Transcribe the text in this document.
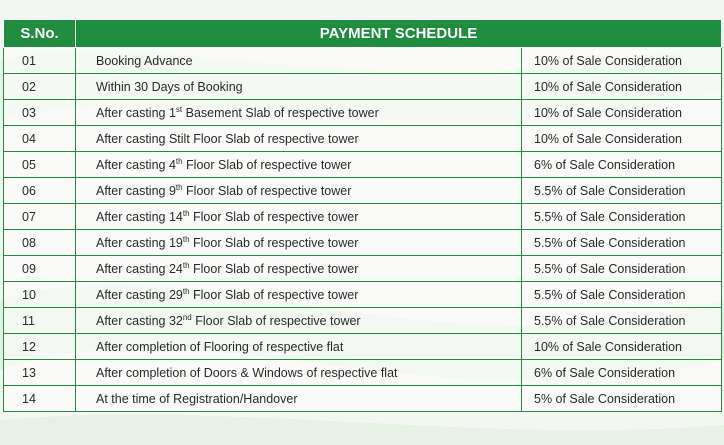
S.No.	PAYMENT SCHEDULE	
01	Booking Advance	10% of Sale Consideration
02	Within 30 Days of Booking	10% of Sale Consideration
03	After casting 1st Basement Slab of respective tower	10% of Sale Consideration
04	After casting Stilt Floor Slab of respective tower	10% of Sale Consideration
05	After casting 4th Floor Slab of respective tower	6% of Sale Consideration
06	After casting 9th Floor Slab of respective tower	5.5% of Sale Consideration
07	After casting 14th Floor Slab of respective tower	5.5% of Sale Consideration
08	After casting 19th Floor Slab of respective tower	5.5% of Sale Consideration
09	After casting 24th Floor Slab of respective tower	5.5% of Sale Consideration
10	After casting 29th Floor Slab of respective tower	5.5% of Sale Consideration
11	After casting 32nd Floor Slab of respective tower	5.5% of Sale Consideration
12	After completion of Flooring of respective flat	10% of Sale Consideration
13	After completion of Doors & Windows of respective flat	6% of Sale Consideration
14	At the time of Registration/Handover	5% of Sale Consideration
